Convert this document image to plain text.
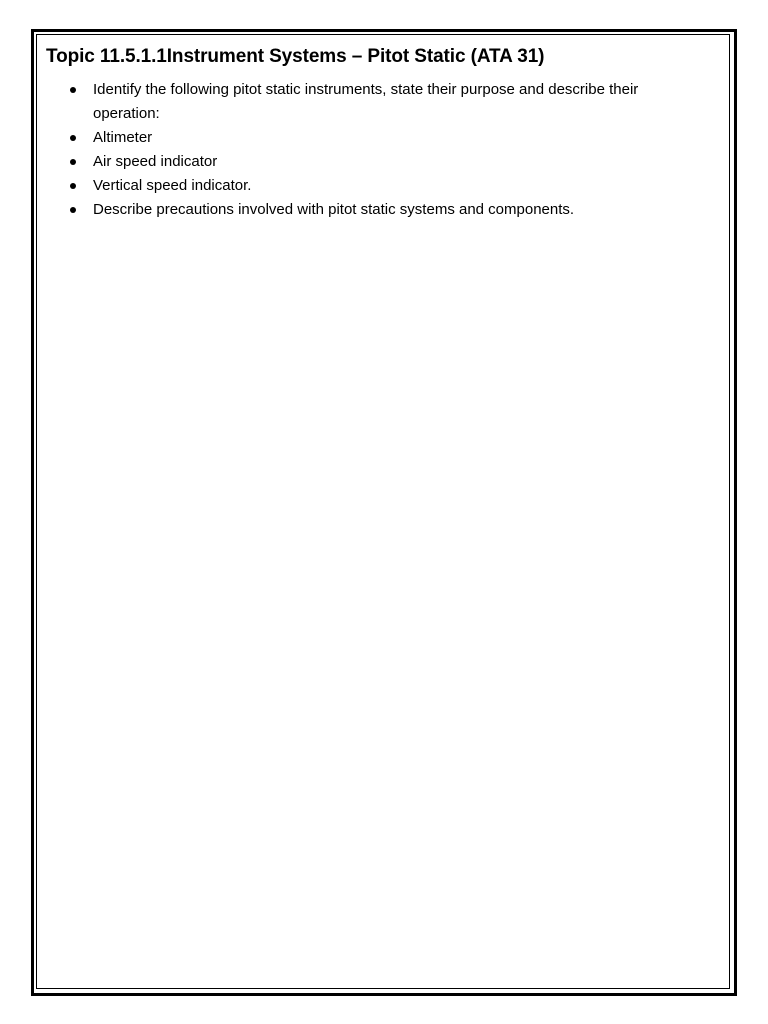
Topic 11.5.1.1Instrument Systems – Pitot Static (ATA 31)
Identify the following pitot static instruments, state their purpose and describe their operation:
Altimeter
Air speed indicator
Vertical speed indicator.
Describe precautions involved with pitot static systems and components.
